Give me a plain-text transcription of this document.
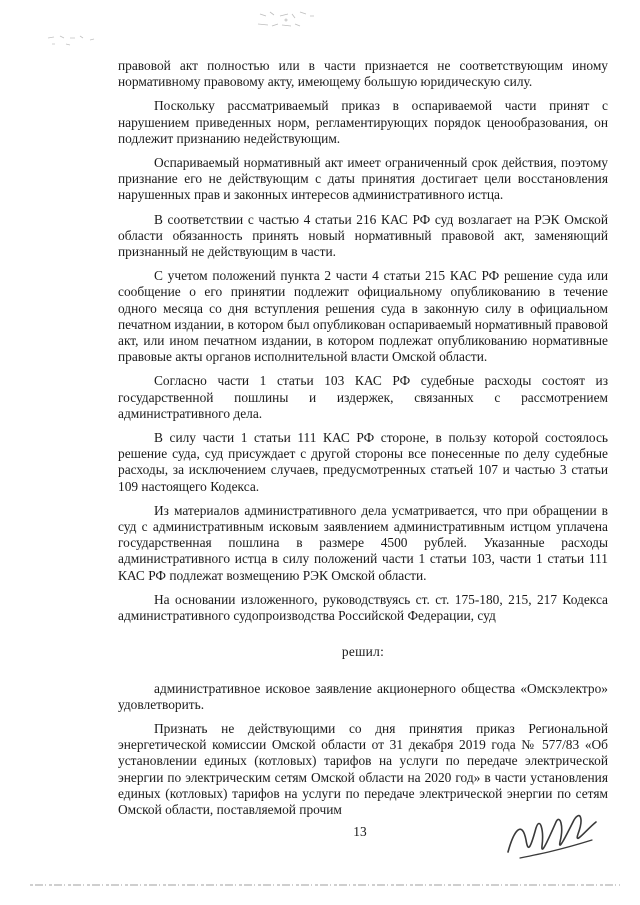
правовой акт полностью или в части признается не соответствующим иному нормативному правовому акту, имеющему большую юридическую силу.

Поскольку рассматриваемый приказ в оспариваемой части принят с нарушением приведенных норм, регламентирующих порядок ценообразования, он подлежит признанию недействующим.

Оспариваемый нормативный акт имеет ограниченный срок действия, поэтому признание его не действующим с даты принятия достигает цели восстановления нарушенных прав и законных интересов административного истца.

В соответствии с частью 4 статьи 216 КАС РФ суд возлагает на РЭК Омской области обязанность принять новый нормативный правовой акт, заменяющий признанный не действующим в части.

С учетом положений пункта 2 части 4 статьи 215 КАС РФ решение суда или сообщение о его принятии подлежит официальному опубликованию в течение одного месяца со дня вступления решения суда в законную силу в официальном печатном издании, в котором был опубликован оспариваемый нормативный правовой акт, или ином печатном издании, в котором подлежат опубликованию нормативные правовые акты органов исполнительной власти Омской области.

Согласно части 1 статьи 103 КАС РФ судебные расходы состоят из государственной пошлины и издержек, связанных с рассмотрением административного дела.

В силу части 1 статьи 111 КАС РФ стороне, в пользу которой состоялось решение суда, суд присуждает с другой стороны все понесенные по делу судебные расходы, за исключением случаев, предусмотренных статьей 107 и частью 3 статьи 109 настоящего Кодекса.

Из материалов административного дела усматривается, что при обращении в суд с административным исковым заявлением административным истцом уплачена государственная пошлина в размере 4500 рублей. Указанные расходы административного истца в силу положений части 1 статьи 103, части 1 статьи 111 КАС РФ подлежат возмещению РЭК Омской области.

На основании изложенного, руководствуясь ст. ст. 175-180, 215, 217 Кодекса административного судопроизводства Российской Федерации, суд

решил:

административное исковое заявление акционерного общества «Омскэлектро» удовлетворить.

Признать не действующими со дня принятия приказ Региональной энергетической комиссии Омской области от 31 декабря 2019 года № 577/83 «Об установлении единых (котловых) тарифов на услуги по передаче электрической энергии по электрическим сетям Омской области на 2020 год» в части установления единых (котловых) тарифов на услуги по передаче электрической энергии по сетям Омской области, поставляемой прочим

13
